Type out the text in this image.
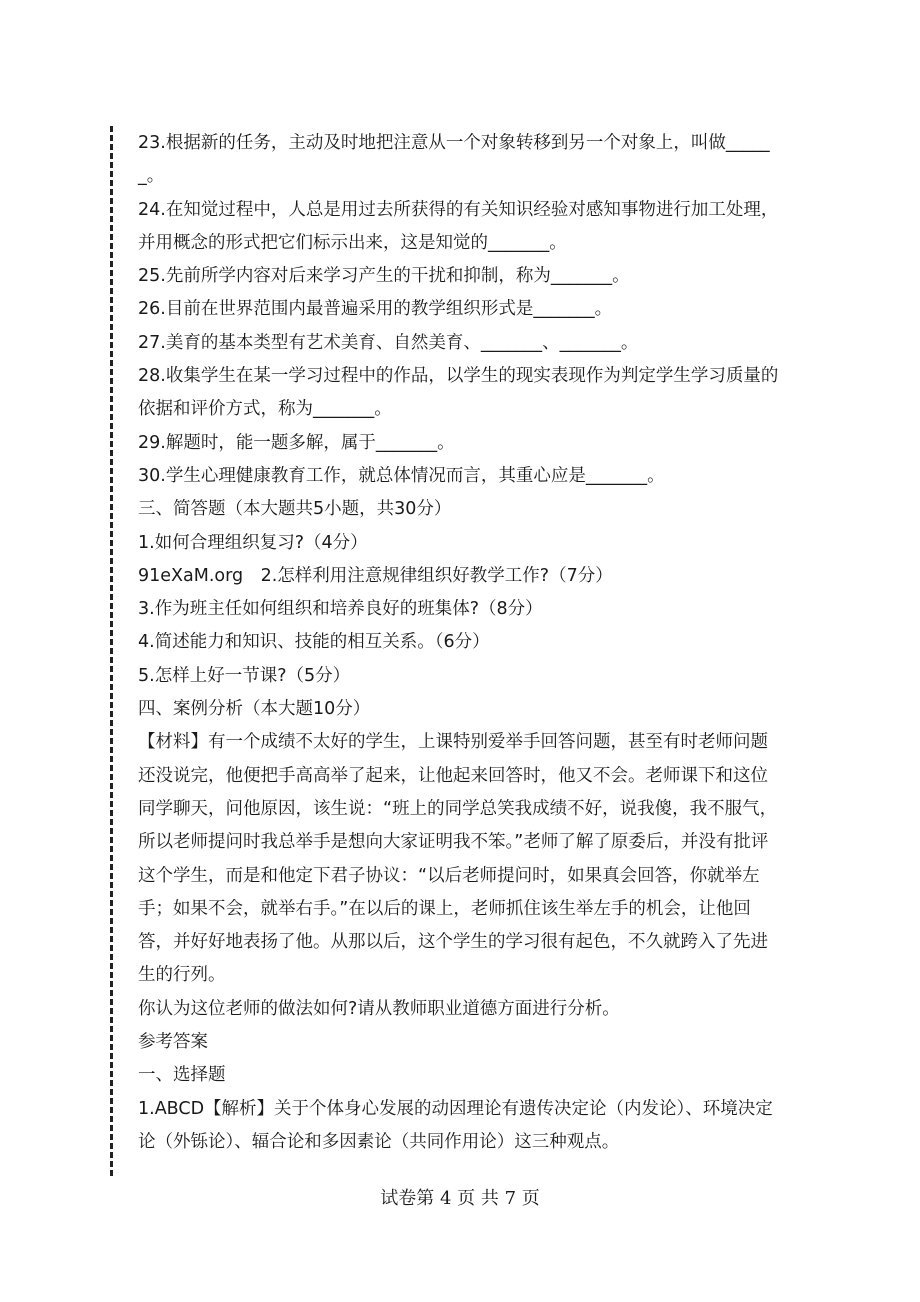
23.根据新的任务，主动及时地把注意从一个对象转移到另一个对象上，叫做______。

24.在知觉过程中，人总是用过去所获得的有关知识经验对感知事物进行加工处理，并用概念的形式把它们标示出来，这是知觉的_______。

25.先前所学内容对后来学习产生的干扰和抑制，称为_______。

26.目前在世界范围内最普遍采用的教学组织形式是_______。

27.美育的基本类型有艺术美育、自然美育、_______、_______。

28.收集学生在某一学习过程中的作品，以学生的现实表现作为判定学生学习质量的依据和评价方式，称为_______。

29.解题时，能一题多解，属于_______。

30.学生心理健康教育工作，就总体情况而言，其重心应是_______。

三、简答题（本大题共5小题，共30分）

1.如何合理组织复习?（4分）

91eXaM.org　2.怎样利用注意规律组织好教学工作?（7分）

3.作为班主任如何组织和培养良好的班集体?（8分）

4.简述能力和知识、技能的相互关系。（6分）

5.怎样上好一节课?（5分）

四、案例分析（本大题10分）

【材料】有一个成绩不太好的学生，上课特别爱举手回答问题，甚至有时老师问题还没说完，他便把手高高举了起来，让他起来回答时，他又不会。老师课下和这位同学聊天，问他原因，该生说：“班上的同学总笑我成绩不好，说我傻，我不服气，所以老师提问时我总举手是想向大家证明我不笨。”老师了解了原委后，并没有批评这个学生，而是和他定下君子协议：“以后老师提问时，如果真会回答，你就举左手；如果不会，就举右手。”在以后的课上，老师抓住该生举左手的机会，让他回答，并好好地表扬了他。从那以后，这个学生的学习很有起色，不久就跨入了先进生的行列。

你认为这位老师的做法如何?请从教师职业道德方面进行分析。

参考答案

一、选择题

1.ABCD【解析】关于个体身心发展的动因理论有遗传决定论（内发论）、环境决定论（外铄论）、辐合论和多因素论（共同作用论）这三种观点。

试卷第 4 页 共 7 页
